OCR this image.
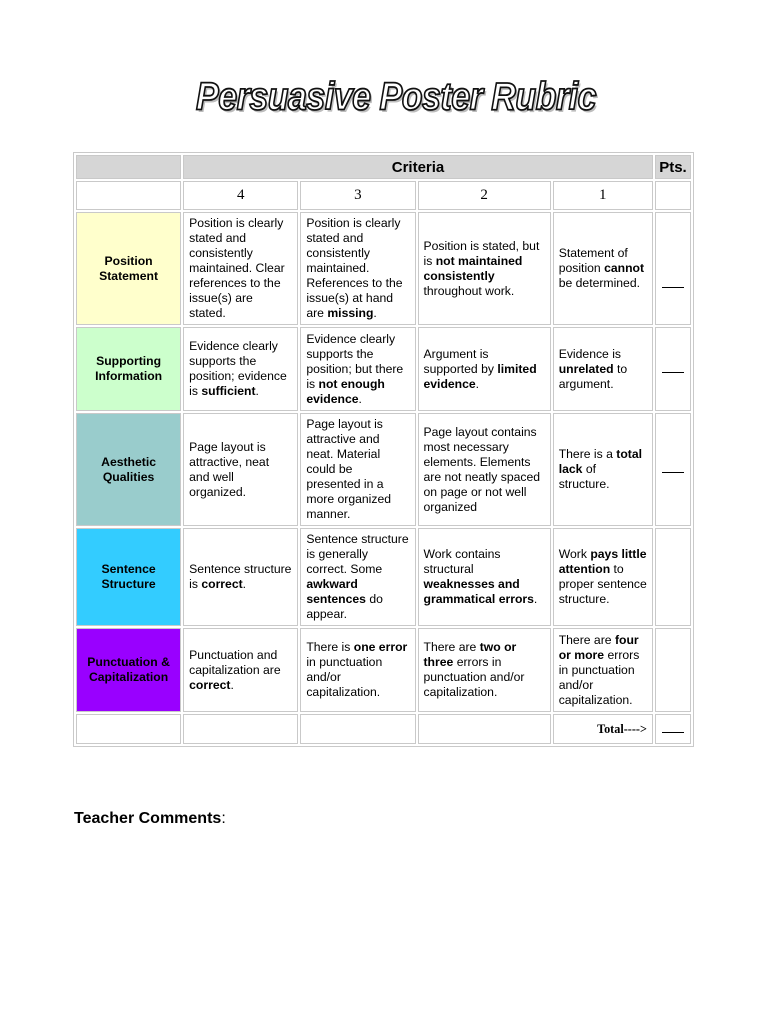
Persuasive Poster Rubric
	Criteria				Pts.
	4	3	2	1	
Position Statement	Position is clearly stated and consistently maintained. Clear references to the issue(s) are stated.	Position is clearly stated and consistently maintained. References to the issue(s) at hand are missing.	Position is stated, but is not maintained consistently throughout work.	Statement of position cannot be determined.	
Supporting Information	Evidence clearly supports the position; evidence is sufficient.	Evidence clearly supports the position; but there is not enough evidence.	Argument is supported by limited evidence.	Evidence is unrelated to argument.	
Aesthetic Qualities	Page layout is attractive, neat and well organized.	Page layout is attractive and neat. Material could be presented in a more organized manner.	Page layout contains most necessary elements. Elements are not neatly spaced on page or not well organized	There is a total lack of structure.	
Sentence Structure	Sentence structure is correct.	Sentence structure is generally correct. Some awkward sentences do appear.	Work contains structural weaknesses and grammatical errors.	Work pays little attention to proper sentence structure.	
Punctuation & Capitalization	Punctuation and capitalization are correct.	There is one error in punctuation and/or capitalization.	There are two or three errors in punctuation and/or capitalization.	There are four or more errors in punctuation and/or capitalization.	
				Total---->	
Teacher Comments:
